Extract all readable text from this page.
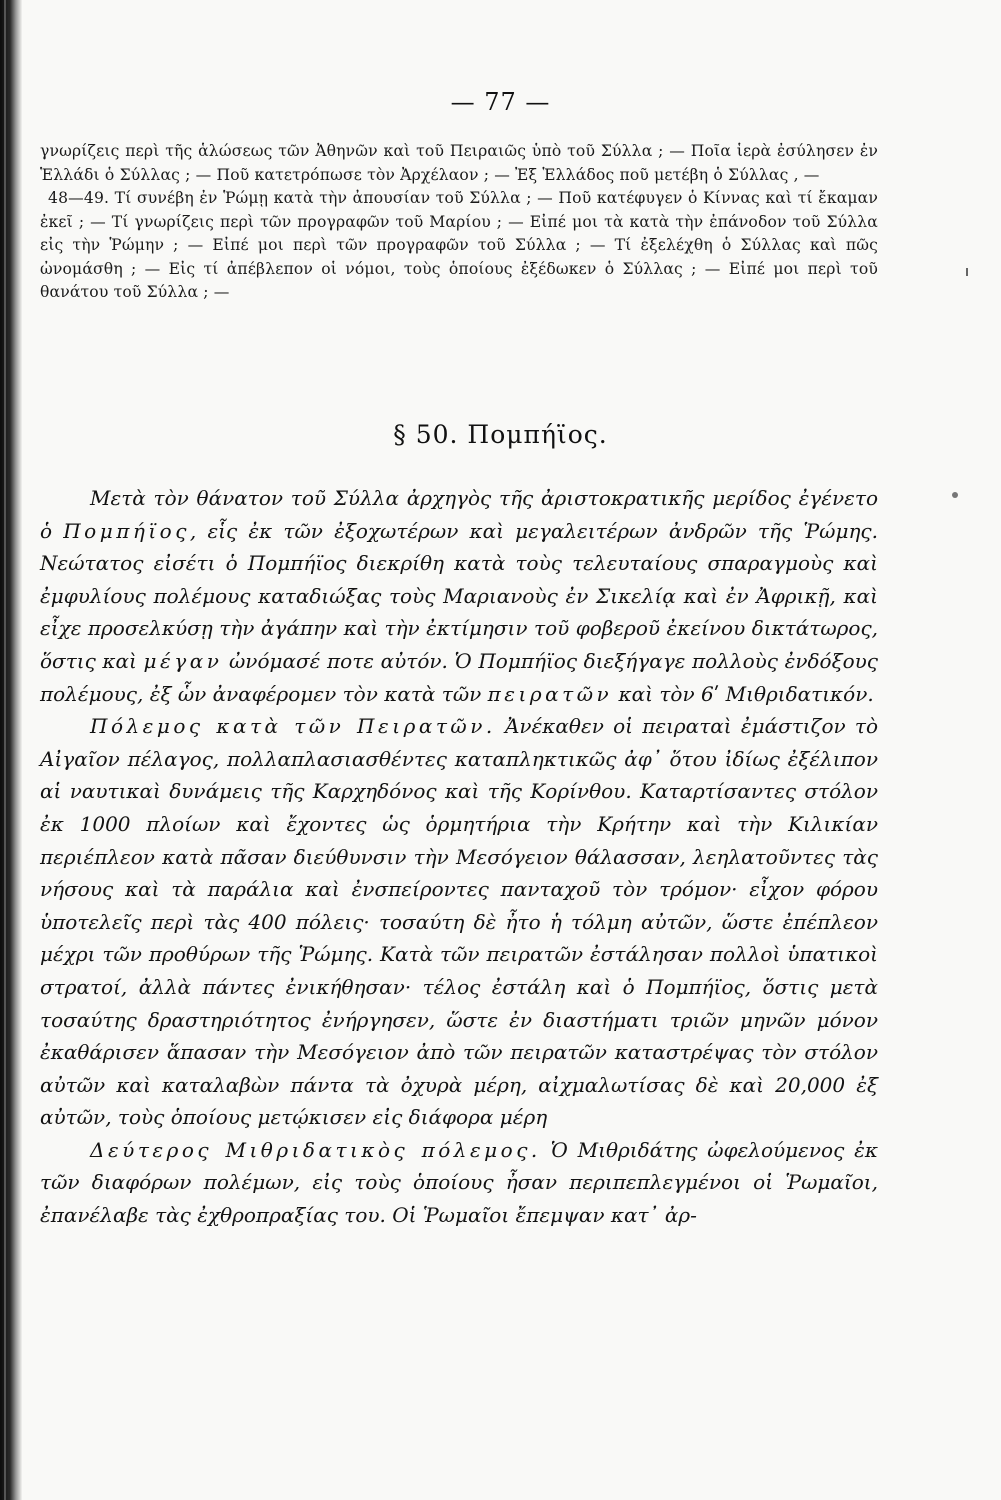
— 77 —

γνωρίζεις περὶ τῆς ἁλώσεως τῶν Ἀθηνῶν καὶ τοῦ Πειραιῶς ὑπὸ τοῦ Σύλλα ; — Ποῖα ἱερὰ ἐσύλησεν ἐν Ἑλλάδι ὁ Σύλλας ; — Ποῦ κατετρόπωσε τὸν Ἀρχέλαον ; — Ἐξ Ἑλλάδος ποῦ μετέβη ὁ Σύλλας , —

48—49. Τί συνέβη ἐν Ῥώμῃ κατὰ τὴν ἀπουσίαν τοῦ Σύλλα ; — Ποῦ κατέφυγεν ὁ Κίννας καὶ τί ἔκαμαν ἐκεῖ ; — Τί γνωρίζεις περὶ τῶν προγραφῶν τοῦ Μαρίου ; — Εἰπέ μοι τὰ κατὰ τὴν ἐπάνοδον τοῦ Σύλλα εἰς τὴν Ῥώμην ; — Εἰπέ μοι περὶ τῶν προγραφῶν τοῦ Σύλλα ; — Τί ἐξελέχθη ὁ Σύλλας καὶ πῶς ὠνομάσθη ; — Εἰς τί ἀπέβλεπον οἱ νόμοι, τοὺς ὁποίους ἐξέδωκεν ὁ Σύλλας ; — Εἰπέ μοι περὶ τοῦ θανάτου τοῦ Σύλλα ; —

§ 50. Πομπήϊος.

Μετὰ τὸν θάνατον τοῦ Σύλλα ἀρχηγὸς τῆς ἀριστοκρατικῆς μερίδος ἐγένετο ὁ Πομπήϊος, εἷς ἐκ τῶν ἐξοχωτέρων καὶ μεγαλειτέρων ἀνδρῶν τῆς Ῥώμης. Νεώτατος εἰσέτι ὁ Πομπήϊος διεκρίθη κατὰ τοὺς τελευταίους σπαραγμοὺς καὶ ἐμφυλίους πολέμους καταδιώξας τοὺς Μαριανοὺς ἐν Σικελίᾳ καὶ ἐν Ἀφρικῇ, καὶ εἶχε προσελκύσῃ τὴν ἀγάπην καὶ τὴν ἐκτίμησιν τοῦ φοβεροῦ ἐκείνου δικτάτωρος, ὅστις καὶ μέγαν ὠνόμασέ ποτε αὐτόν. Ὁ Πομπήϊος διεξήγαγε πολλοὺς ἐνδόξους πολέμους, ἐξ ὧν ἀναφέρομεν τὸν κατὰ τῶν πειρατῶν καὶ τὸν 6ʹ Μιθριδατικόν.

Πόλεμος κατὰ τῶν Πειρατῶν. Ἀνέκαθεν οἱ πειραταὶ ἐμάστιζον τὸ Αἰγαῖον πέλαγος, πολλαπλασιασθέντες καταπληκτικῶς ἀφ᾽ ὅτου ἰδίως ἐξέλιπον αἱ ναυτικαὶ δυνάμεις τῆς Καρχηδόνος καὶ τῆς Κορίνθου. Καταρτίσαντες στόλον ἐκ 1000 πλοίων καὶ ἔχοντες ὡς ὁρμητήρια τὴν Κρήτην καὶ τὴν Κιλικίαν περιέπλεον κατὰ πᾶσαν διεύθυνσιν τὴν Μεσόγειον θάλασσαν, λεηλατοῦντες τὰς νήσους καὶ τὰ παράλια καὶ ἐνσπείροντες πανταχοῦ τὸν τρόμον· εἶχον φόρου ὑποτελεῖς περὶ τὰς 400 πόλεις· τοσαύτη δὲ ἦτο ἡ τόλμη αὐτῶν, ὥστε ἐπέπλεον μέχρι τῶν προθύρων τῆς Ῥώμης. Κατὰ τῶν πειρατῶν ἐστάλησαν πολλοὶ ὑπατικοὶ στρατοί, ἀλλὰ πάντες ἐνικήθησαν· τέλος ἐστάλη καὶ ὁ Πομπήϊος, ὅστις μετὰ τοσαύτης δραστηριότητος ἐνήργησεν, ὥστε ἐν διαστήματι τριῶν μηνῶν μόνον ἐκαθάρισεν ἅπασαν τὴν Μεσόγειον ἀπὸ τῶν πειρατῶν καταστρέψας τὸν στόλον αὐτῶν καὶ καταλαβὼν πάντα τὰ ὀχυρὰ μέρη, αἰχμαλωτίσας δὲ καὶ 20,000 ἐξ αὐτῶν, τοὺς ὁποίους μετῴκισεν εἰς διάφορα μέρη

Δεύτερος Μιθριδατικὸς πόλεμος. Ὁ Μιθριδάτης ὠφελούμενος ἐκ τῶν διαφόρων πολέμων, εἰς τοὺς ὁποίους ἦσαν περιπεπλεγμένοι οἱ Ῥωμαῖοι, ἐπανέλαβε τὰς ἐχθροπραξίας του. Οἱ Ῥωμαῖοι ἔπεμψαν κατ᾽ ἀρ-
